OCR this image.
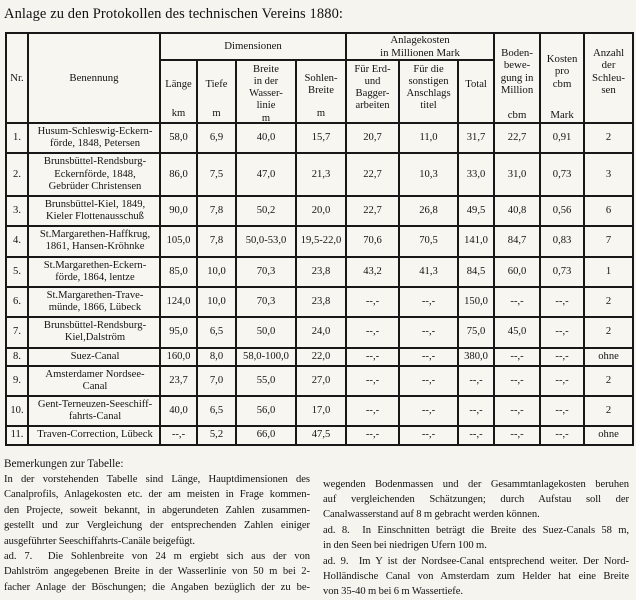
Anlage zu den Protokollen des technischen Vereins 1880:
Nr.	Benennung
	Dimensionen	Anlagekosten
in Millionen Mark	Boden-
bewe-
gung in
Million
cbm

Kosten
pro
cbm
Mark

Anzahl
der
Schleu-
sen

Länge
km

Tiefe
m

Breite
in der
Wasser-
linie
m

Sohlen-
Breite
m

Für Erd-
und
Bagger-
arbeiten

Für die
sonstigen
Anschlags
titel

Total

1.	Husum-Schleswig-Eckern-
förde, 1848, Petersen	58,0	6,9	40,0	15,7	20,7	11,0	31,7	22,7	0,91	2
2.	Brunsbüttel-Rendsburg-
Eckernförde, 1848,
Gebrüder Christensen	86,0	7,5	47,0	21,3	22,7	10,3	33,0	31,0	0,73	3
3.	Brunsbüttel-Kiel, 1849,
Kieler Flottenausschuß	90,0	7,8	50,2	20,0	22,7	26,8	49,5	40,8	0,56	6
4.	St.Margarethen-Haffkrug,
1861, Hansen-Kröhnke	105,0	7,8	50,0-53,0	19,5-22,0	70,6	70,5	141,0	84,7	0,83	7
5.	St.Margarethen-Eckern-
förde, 1864, lentze	85,0	10,0	70,3	23,8	43,2	41,3	84,5	60,0	0,73	1
6.	St.Margarethen-Trave-
münde, 1866, Lübeck	124,0	10,0	70,3	23,8	--,-	--,-	150,0	--,-	--,-	2
7.	Brunsbüttel-Rendsburg-
Kiel,Dalström	95,0	6,5	50,0	24,0	--,-	--,-	75,0	45,0	--,-	2
8.	Suez-Canal	160,0	8,0	58,0-100,0	22,0	--,-	--,-	380,0	--,-	--,-	ohne
9.	Amsterdamer Nordsee-
Canal	23,7	7,0	55,0	27,0	--,-	--,-	--,-	--,-	--,-	2
10.	Gent-Terneuzen-Seeschiff-
fahrts-Canal	40,0	6,5	56,0	17,0	--,-	--,-	--,-	--,-	--,-	2
11.	Traven-Correction, Lübeck	--,-	5,2	66,0	47,5	--,-	--,-	--,-	--,-	--,-	ohne
Bemerkungen zur Tabelle:
In der vorstehenden Tabelle sind Länge, Hauptdimensionen des
Canalprofils, Anlagekosten etc. der am meisten in Frage kommen-
den Projecte, soweit bekannt, in abgerundeten Zahlen zusammen-
gestellt und zur Vergleichung der entsprechenden Zahlen einiger
ausgeführter Seeschiffahrts-Canäle beigefügt.
ad. 7.  Die Sohlenbreite von 24 m ergiebt sich aus der von
Dahlström angegebenen Breite in der Wasserlinie von 50 m bei 2-
facher Anlage der Böschungen; die Angaben bezüglich der zu be-
wegenden Bodenmassen und der Gesammtanlagekosten beruhen
auf vergleichenden Schätzungen; durch Aufstau soll der
Canalwasserstand auf 8 m gebracht werden können.
ad. 8.  In Einschnitten beträgt die Breite des Suez-Canals 58 m,
in den Seen bei niedrigen Ufern 100 m.
ad. 9.  Im Y ist der Nordsee-Canal entsprechend weiter. Der Nord-
Holländische Canal von Amsterdam zum Helder hat eine Breite
von 35-40 m bei 6 m Wassertiefe.
